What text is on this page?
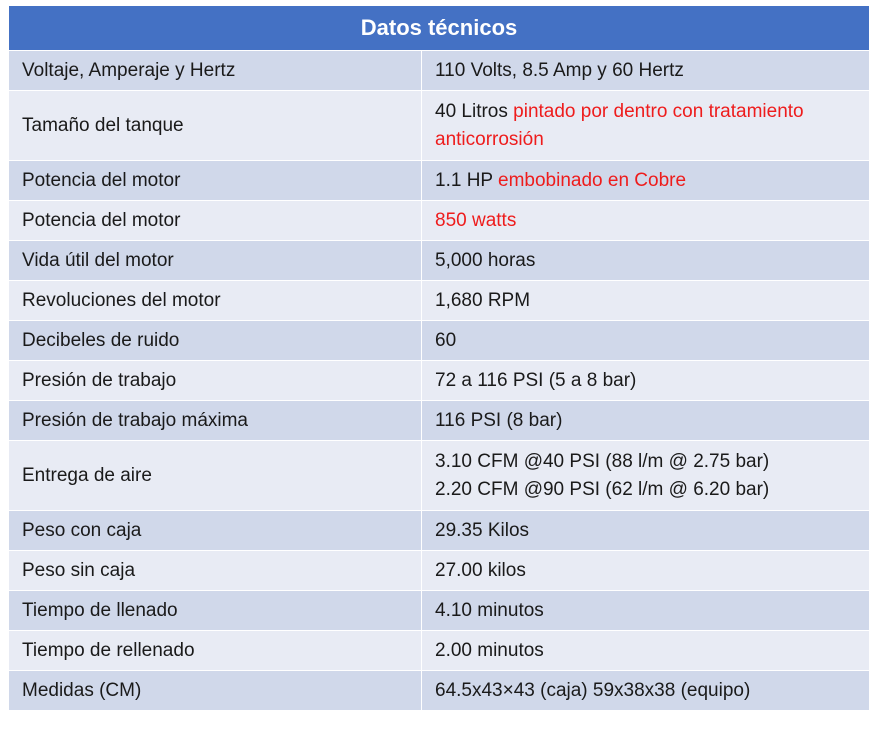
Datos técnicos	
Voltaje, Amperaje y Hertz	110 Volts, 8.5 Amp y 60 Hertz
Tamaño del tanque	40 Litros pintado por dentro con tratamiento anticorrosión
Potencia del motor	1.1 HP embobinado en Cobre
Potencia del motor	850 watts
Vida útil del motor	5,000 horas
Revoluciones del motor	1,680 RPM
Decibeles de ruido	60
Presión de trabajo	72 a 116 PSI (5 a 8 bar)
Presión de trabajo máxima	116 PSI (8 bar)
Entrega de aire	3.10 CFM @40 PSI (88 l/m @ 2.75 bar)
2.20 CFM @90 PSI (62 l/m @ 6.20 bar)

Peso con caja	29.35 Kilos
Peso sin caja	27.00 kilos
Tiempo de llenado	4.10 minutos
Tiempo de rellenado	2.00 minutos
Medidas (CM)	64.5x43×43 (caja) 59x38x38 (equipo)
